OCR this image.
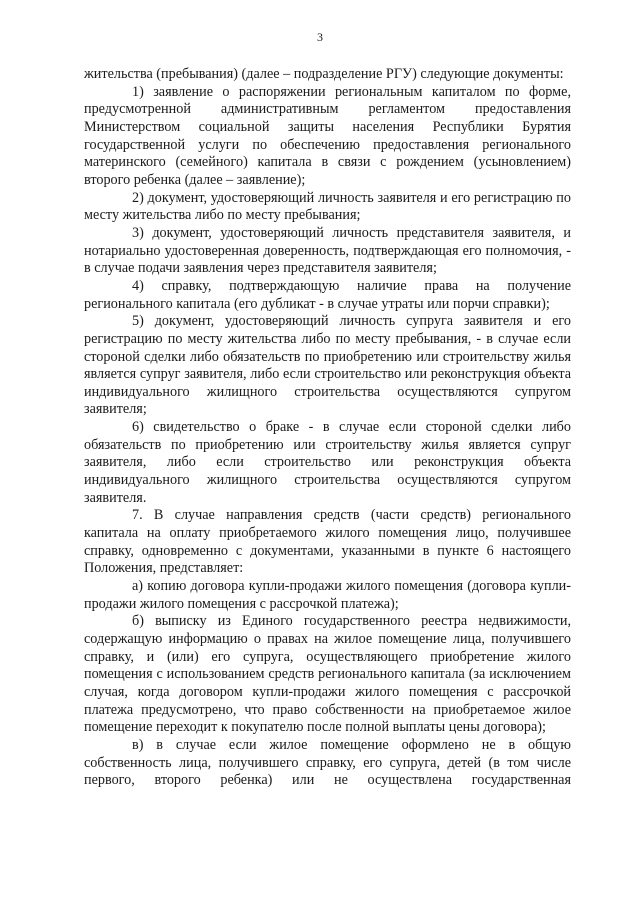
3

жительства (пребывания) (далее – подразделение РГУ) следующие документы:

1) заявление о распоряжении региональным капиталом по форме, предусмотренной административным регламентом предоставления Министерством социальной защиты населения Республики Бурятия государственной услуги по обеспечению предоставления регионального материнского (семейного) капитала в связи с рождением (усыновлением) второго ребенка (далее – заявление);

2) документ, удостоверяющий личность заявителя и его регистрацию по месту жительства либо по месту пребывания;

3) документ, удостоверяющий личность представителя заявителя, и нотариально удостоверенная доверенность, подтверждающая его полномочия, - в случае подачи заявления через представителя заявителя;

4) справку, подтверждающую наличие права на получение регионального капитала (его дубликат - в случае утраты или порчи справки);

5) документ, удостоверяющий личность супруга заявителя и его регистрацию по месту жительства либо по месту пребывания, - в случае если стороной сделки либо обязательств по приобретению или строительству жилья является супруг заявителя, либо если строительство или реконструкция объекта индивидуального жилищного строительства осуществляются супругом заявителя;

6) свидетельство о браке - в случае если стороной сделки либо обязательств по приобретению или строительству жилья является супруг заявителя, либо если строительство или реконструкция объекта индивидуального жилищного строительства осуществляются супругом заявителя.

7. В случае направления средств (части средств) регионального капитала на оплату приобретаемого жилого помещения лицо, получившее справку, одновременно с документами, указанными в пункте 6 настоящего Положения, представляет:

а) копию договора купли-продажи жилого помещения (договора купли-продажи жилого помещения с рассрочкой платежа);

б) выписку из Единого государственного реестра недвижимости, содержащую информацию о правах на жилое помещение лица, получившего справку, и (или) его супруга, осуществляющего приобретение жилого помещения с использованием средств регионального капитала (за исключением случая, когда договором купли-продажи жилого помещения с рассрочкой платежа предусмотрено, что право собственности на приобретаемое жилое помещение переходит к покупателю после полной выплаты цены договора);

в) в случае если жилое помещение оформлено не в общую собственность лица, получившего справку, его супруга, детей (в том числе первого, второго ребенка) или не осуществлена государственная
